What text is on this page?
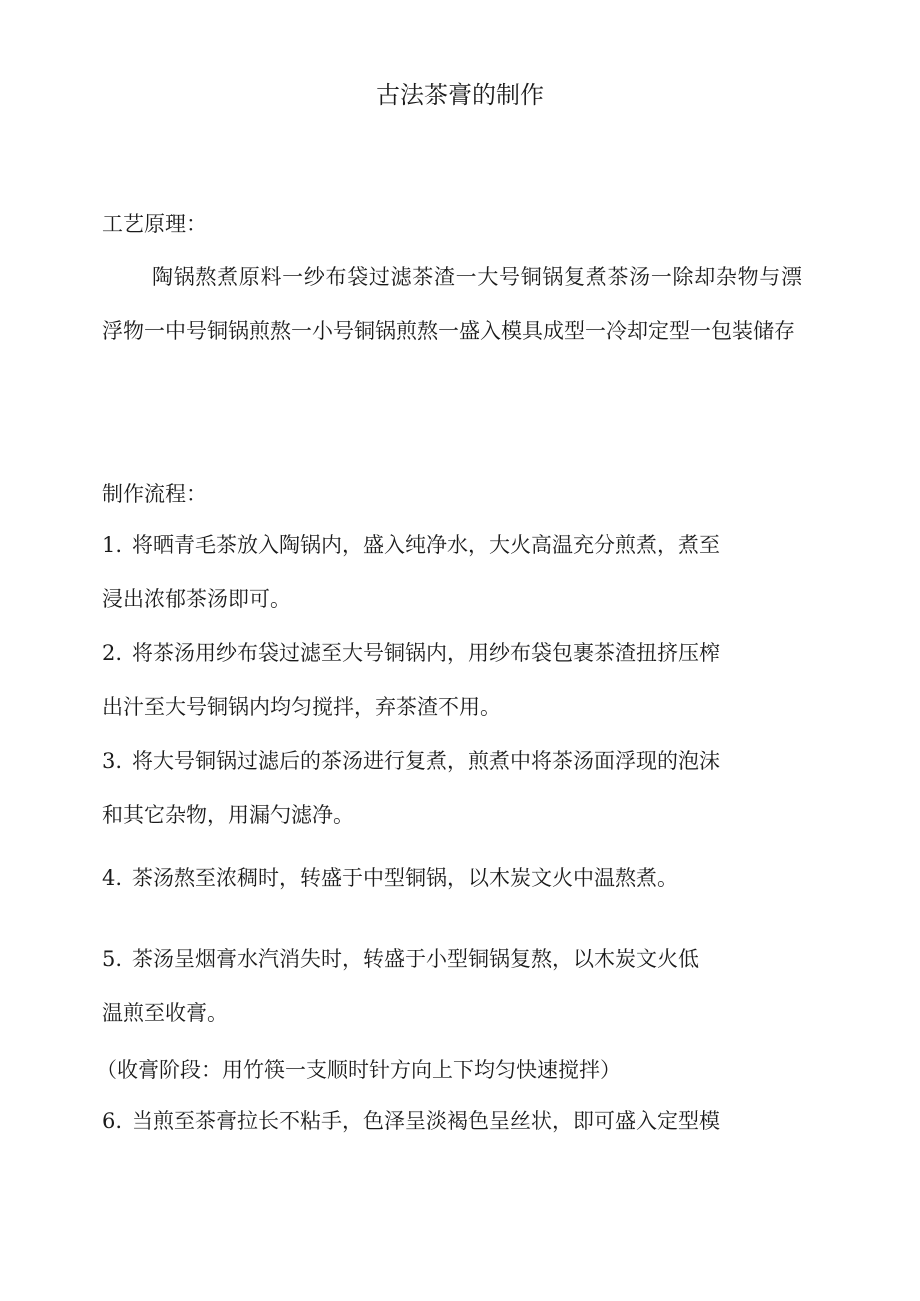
古法茶膏的制作
工艺原理：
陶锅熬煮原料一纱布袋过滤茶渣一大号铜锅复煮茶汤一除却杂物与漂浮物一中号铜锅煎熬一小号铜锅煎熬一盛入模具成型一冷却定型一包装储存
制作流程：
1. 将晒青毛茶放入陶锅内，盛入纯净水，大火高温充分煎煮，煮至
浸出浓郁茶汤即可。
2. 将茶汤用纱布袋过滤至大号铜锅内，用纱布袋包裹茶渣扭挤压榨
出汁至大号铜锅内均匀搅拌，弃茶渣不用。
3. 将大号铜锅过滤后的茶汤进行复煮，煎煮中将茶汤面浮现的泡沫
和其它杂物，用漏勺滤净。
4. 茶汤熬至浓稠时，转盛于中型铜锅，以木炭文火中温熬煮。
5. 茶汤呈烟膏水汽消失时，转盛于小型铜锅复熬，以木炭文火低
温煎至收膏。
（收膏阶段：用竹筷一支顺时针方向上下均匀快速搅拌）
6. 当煎至茶膏拉长不粘手，色泽呈淡褐色呈丝状，即可盛入定型模
